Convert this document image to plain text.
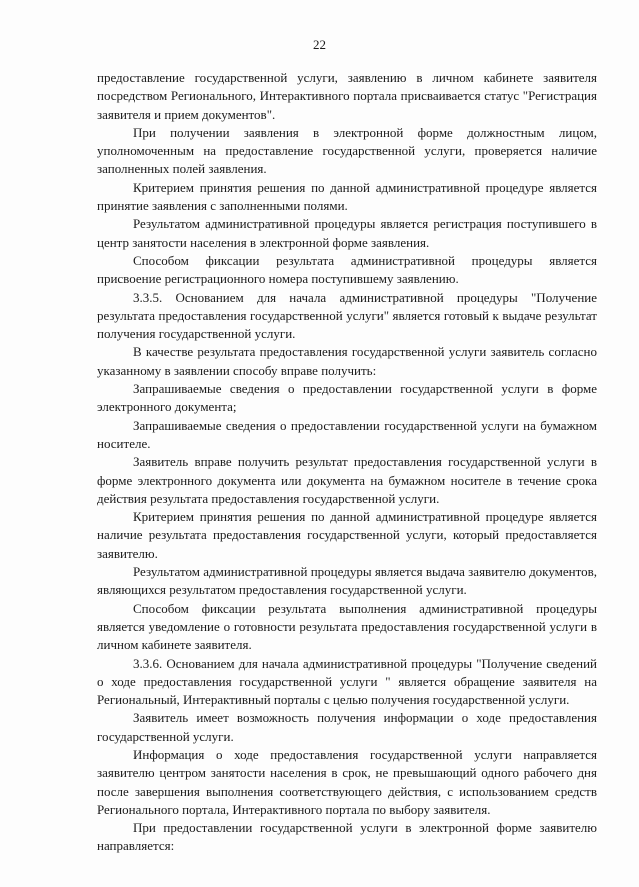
22

предоставление государственной услуги, заявлению в личном кабинете заявителя посредством Регионального, Интерактивного портала присваивается статус "Регистрация заявителя и прием документов".

При получении заявления в электронной форме должностным лицом, уполномоченным на предоставление государственной услуги, проверяется наличие заполненных полей заявления.

Критерием принятия решения по данной административной процедуре является принятие заявления с заполненными полями.

Результатом административной процедуры является регистрация поступившего в центр занятости населения в электронной форме заявления.

Способом фиксации результата административной процедуры является присвоение регистрационного номера поступившему заявлению.

3.3.5. Основанием для начала административной процедуры "Получение результата предоставления государственной услуги" является готовый к выдаче результат получения государственной услуги.

В качестве результата предоставления государственной услуги заявитель согласно указанному в заявлении способу вправе получить:

Запрашиваемые сведения о предоставлении государственной услуги в форме электронного документа;

Запрашиваемые сведения о предоставлении государственной услуги на бумажном носителе.

Заявитель вправе получить результат предоставления государственной услуги в форме электронного документа или документа на бумажном носителе в течение срока действия результата предоставления государственной услуги.

Критерием принятия решения по данной административной процедуре является наличие результата предоставления государственной услуги, который предоставляется заявителю.

Результатом административной процедуры является выдача заявителю документов, являющихся результатом предоставления государственной услуги.

Способом фиксации результата выполнения административной процедуры является уведомление о готовности результата предоставления государственной услуги в личном кабинете заявителя.

3.3.6. Основанием для начала административной процедуры "Получение сведений о ходе предоставления государственной услуги " является обращение заявителя на Региональный, Интерактивный порталы с целью получения государственной услуги.

Заявитель имеет возможность получения информации о ходе предоставления государственной услуги.

Информация о ходе предоставления государственной услуги направляется заявителю центром занятости населения в срок, не превышающий одного рабочего дня после завершения выполнения соответствующего действия, с использованием средств Регионального портала, Интерактивного портала по выбору заявителя.

При предоставлении государственной услуги в электронной форме заявителю направляется:
